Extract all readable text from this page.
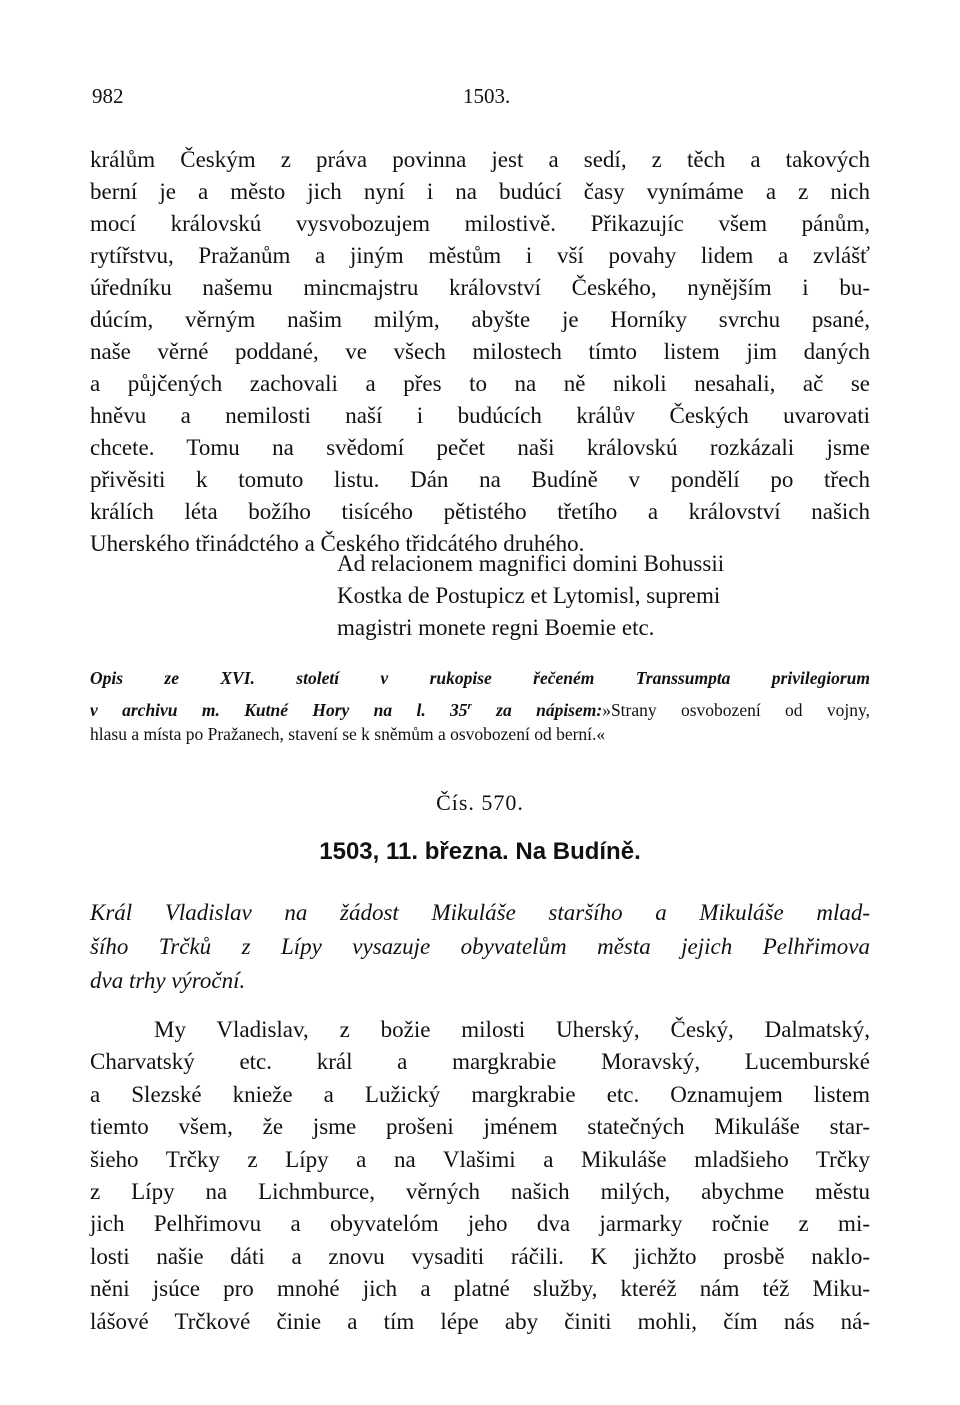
982	1503.
králům Českým z práva povinna jest a sedí, z těch a takových
berní je a město jich nyní i na budúcí časy vynímáme a z nich
mocí královskú vysvobozujem milostivě. Přikazujíc všem pánům,
rytířstvu, Pražanům a jiným městům i vší povahy lidem a zvlášť
úředníku našemu mincmajstru království Českého, nynějším i bu-
dúcím, věrným našim milým, abyšte je Horníky svrchu psané,
naše věrné poddané, ve všech milostech tímto listem jim daných
a půjčených zachovali a přes to na ně nikoli nesahali, ač se
hněvu a nemilosti naší i budúcích králův Českých uvarovati
chcete. Tomu na svědomí pečet naši královskú rozkázali jsme
přivěsiti k tomuto listu. Dán na Budíně v pondělí po třech
králích léta božího tisícého pětistého třetího a království našich
Uherského třinádctého a Českého třidcátého druhého.
Ad relacionem magnifici domini Bohussii
Kostka de Postupicz et Lytomisl, supremi
magistri monete regni Boemie etc.
Opis ze XVI. století v rukopise řečeném Transsumpta privilegiorum
v archivu m. Kutné Hory na l. 35$^r$ za nápisem:»Strany osvobození od vojny,
hlasu a místa po Pražanech, stavení se k sněmům a osvobození od berní.«
Čís. 570.
1503, 11. března. Na Budíně.
Král Vladislav na žádost Mikuláše staršího a Mikuláše mlad-
šího Trčků z Lípy vysazuje obyvatelům města jejich Pelhřimova
dva trhy výroční.
My Vladislav, z božie milosti Uherský, Český, Dalmatský,
Charvatský etc. král a margkrabie Moravský, Lucemburské
a Slezské knieže a Lužický margkrabie etc. Oznamujem listem
tiemto všem, že jsme prošeni jménem statečných Mikuláše star-
šieho Trčky z Lípy a na Vlašimi a Mikuláše mladšieho Trčky
z Lípy na Lichmburce, věrných našich milých, abychme městu
jich Pelhřimovu a obyvatelóm jeho dva jarmarky ročnie z mi-
losti našie dáti a znovu vysaditi ráčili. K jichžto prosbě naklo-
něni jsúce pro mnohé jich a platné služby, kteréž nám též Miku-
lášové Trčkové činie a tím lépe aby činiti mohli, čím nás ná-
